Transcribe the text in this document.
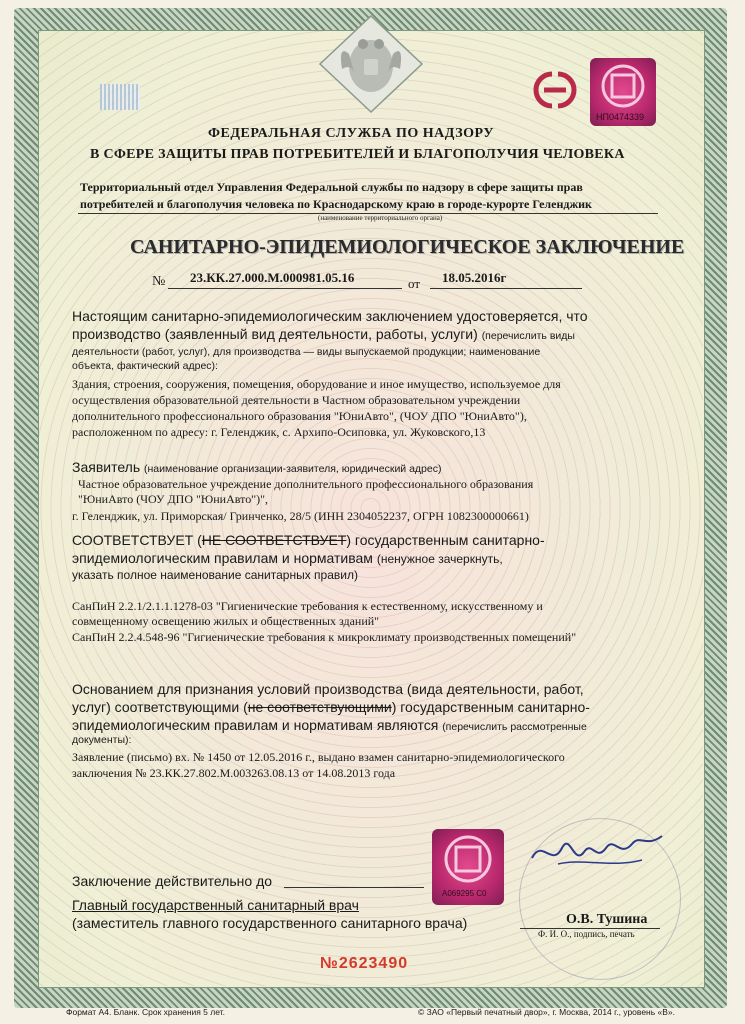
НП0474339
ФЕДЕРАЛЬНАЯ СЛУЖБА ПО НАДЗОРУ
В СФЕРЕ ЗАЩИТЫ ПРАВ ПОТРЕБИТЕЛЕЙ И БЛАГОПОЛУЧИЯ ЧЕЛОВЕКА
Территориальный отдел Управления Федеральной службы по надзору в сфере защиты прав
потребителей и благополучия человека по Краснодарскому краю в городе-курорте Геленджик
(наименование территориального органа)
САНИТАРНО-ЭПИДЕМИОЛОГИЧЕСКОЕ ЗАКЛЮЧЕНИЕ
№ 23.КК.27.000.М.000981.05.16	от 18.05.2016г
Настоящим санитарно-эпидемиологическим заключением удостоверяется, что
производство (заявленный вид деятельности, работы, услуги) (перечислить виды
деятельности (работ, услуг), для производства — виды выпускаемой продукции; наименование
объекта, фактический адрес):
Здания, строения, сооружения, помещения, оборудование и иное имущество, используемое для
осуществления образовательной деятельности в Частном образовательном учреждении
дополнительного профессионального образования "ЮниАвто", (ЧОУ ДПО "ЮниАвто"),
расположенном по адресу: г. Геленджик, с. Архипо-Осиповка, ул. Жуковского,13
Заявитель (наименование организации-заявителя, юридический адрес)
Частное образовательное учреждение дополнительного профессионального образования
"ЮниАвто (ЧОУ ДПО "ЮниАвто")",
г. Геленджик, ул. Приморская/ Гринченко, 28/5 (ИНН 2304052237, ОГРН 1082300000661)
СООТВЕТСТВУЕТ (НЕ СООТВЕТСТВУЕТ) государственным санитарно-
эпидемиологическим правилам и нормативам (ненужное зачеркнуть,
указать полное наименование санитарных правил)
СанПиН 2.2.1/2.1.1.1278-03 "Гигиенические требования к естественному, искусственному и
совмещенному освещению жилых и общественных зданий"
СанПиН 2.2.4.548-96 "Гигиенические требования к микроклимату производственных помещений"
Основанием для признания условий производства (вида деятельности, работ,
услуг) соответствующими (не соответствующими) государственным санитарно-
эпидемиологическим правилам и нормативам являются (перечислить рассмотренные
документы):
Заявление (письмо) вх. № 1450 от 12.05.2016 г., выдано взамен санитарно-эпидемиологического
заключения № 23.КК.27.802.М.003263.08.13 от 14.08.2013 года
A069295 C0
Заключение действительно до
Главный государственный санитарный врач
(заместитель главного государственного санитарного врача)	О.В. Тушина
Ф. И. О., подпись, печать
№2623490
Формат А4. Бланк. Срок хранения 5 лет.	© ЗАО «Первый печатный двор», г. Москва, 2014 г., уровень «В».
